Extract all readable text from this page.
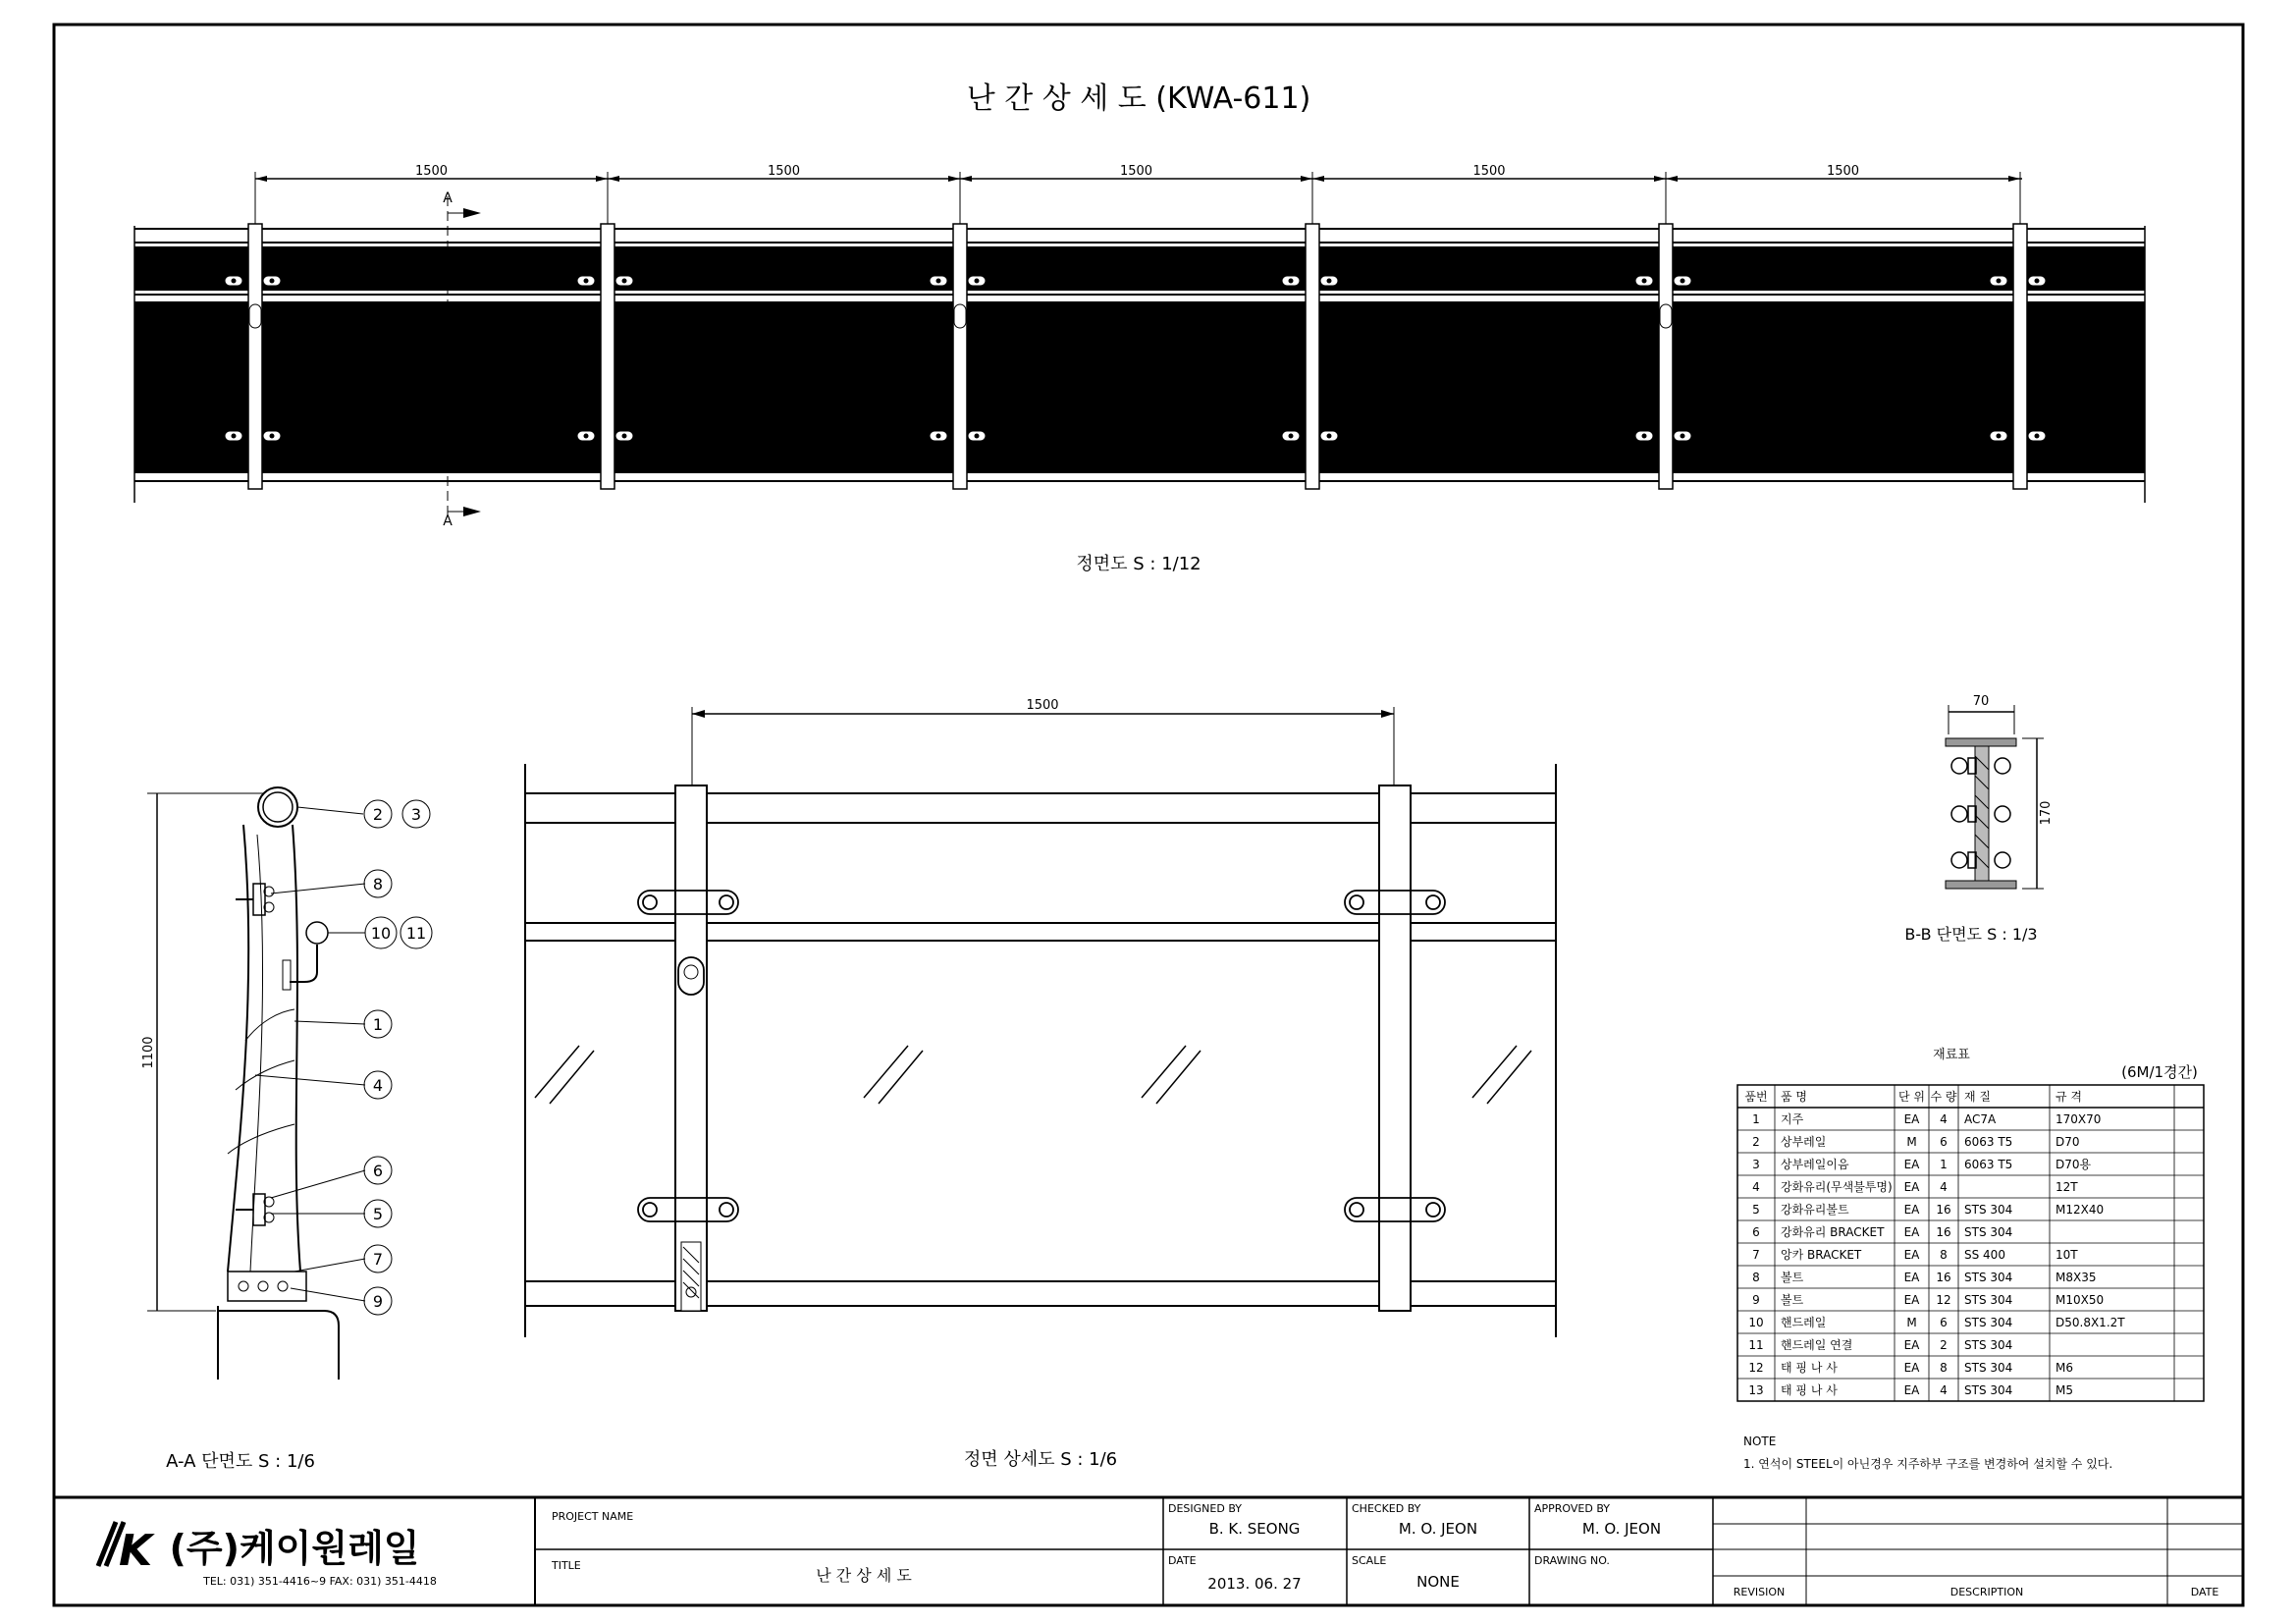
난 간 상 세 도 (KWA-611)
1500	1500	1500	1500	1500
A
A
정면도 S : 1/12
1100
2 3
8
10 11
1
4
6
5
7
9
A-A 단면도 S : 1/6
1500
정면 상세도 S : 1/6
70
170
B-B 단면도 S : 1/3
재료표
(6M/1경간)
품번 품 명	단 위 수 량 재 질	규 격
1 지주	EA 4 AC7A	170X70
2 상부레일	M 6 6063 T5	D70
3 상부레일이음	EA 1 6063 T5	D70용
4 강화유리(무색불투명) EA 4	12T
5 강화유리볼트	EA 16 STS 304	M12X40
6 강화유리 BRACKET EA 16 STS 304
7 앙카 BRACKET	EA 8 SS 400	10T
8 볼트	EA 16 STS 304	M8X35
9 볼트	EA 12 STS 304	M10X50
10 핸드레일	M 6 STS 304	D50.8X1.2T
11 핸드레일 연결	EA 2 STS 304
12 태 핑 나 사	EA 8 STS 304	M6
13 태 핑 나 사	EA 4 STS 304	M5
NOTE
1. 연석이 STEEL이 아닌경우 지주하부 구조를 변경하여 설치할 수 있다.
K (주)케이원레일
TEL: 031) 351-4416~9 FAX: 031) 351-4418
PROJECT NAME
TITLE
난 간 상 세 도
DESIGNED BY
B. K. SEONG
CHECKED BY
M. O. JEON
APPROVED BY
M. O. JEON
DATE
2013. 06. 27
SCALE
NONE
DRAWING NO.
REVISION	DESCRIPTION	DATE
